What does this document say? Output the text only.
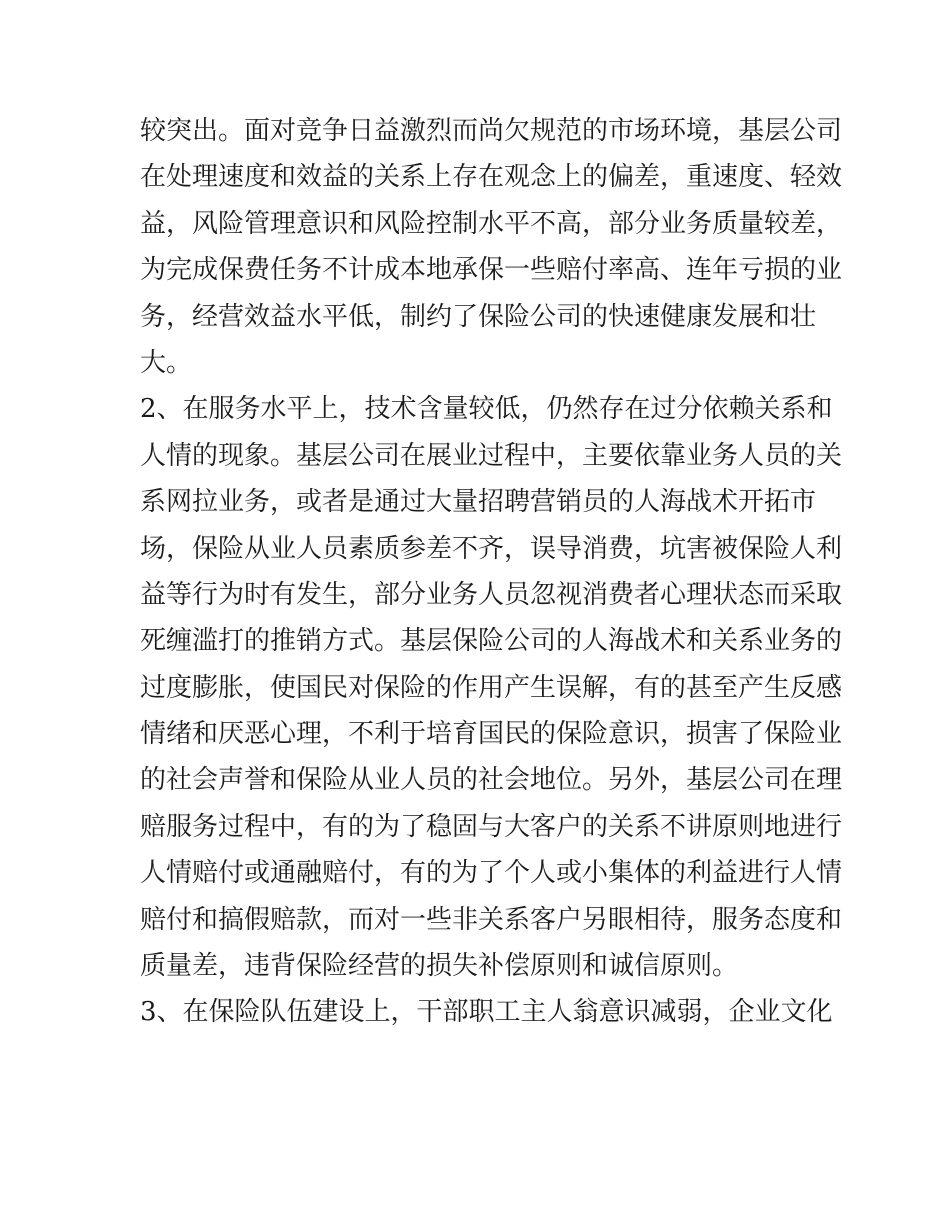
较突出。面对竞争日益激烈而尚欠规范的市场环境，基层公司
在处理速度和效益的关系上存在观念上的偏差，重速度、轻效
益，风险管理意识和风险控制水平不高，部分业务质量较差，
为完成保费任务不计成本地承保一些赔付率高、连年亏损的业
务，经营效益水平低，制约了保险公司的快速健康发展和壮
大。
2、在服务水平上，技术含量较低，仍然存在过分依赖关系和
人情的现象。基层公司在展业过程中，主要依靠业务人员的关
系网拉业务，或者是通过大量招聘营销员的人海战术开拓市
场，保险从业人员素质参差不齐，误导消费，坑害被保险人利
益等行为时有发生，部分业务人员忽视消费者心理状态而采取
死缠滥打的推销方式。基层保险公司的人海战术和关系业务的
过度膨胀，使国民对保险的作用产生误解，有的甚至产生反感
情绪和厌恶心理，不利于培育国民的保险意识，损害了保险业
的社会声誉和保险从业人员的社会地位。另外，基层公司在理
赔服务过程中，有的为了稳固与大客户的关系不讲原则地进行
人情赔付或通融赔付，有的为了个人或小集体的利益进行人情
赔付和搞假赔款，而对一些非关系客户另眼相待，服务态度和
质量差，违背保险经营的损失补偿原则和诚信原则。
3、在保险队伍建设上，干部职工主人翁意识减弱，企业文化
